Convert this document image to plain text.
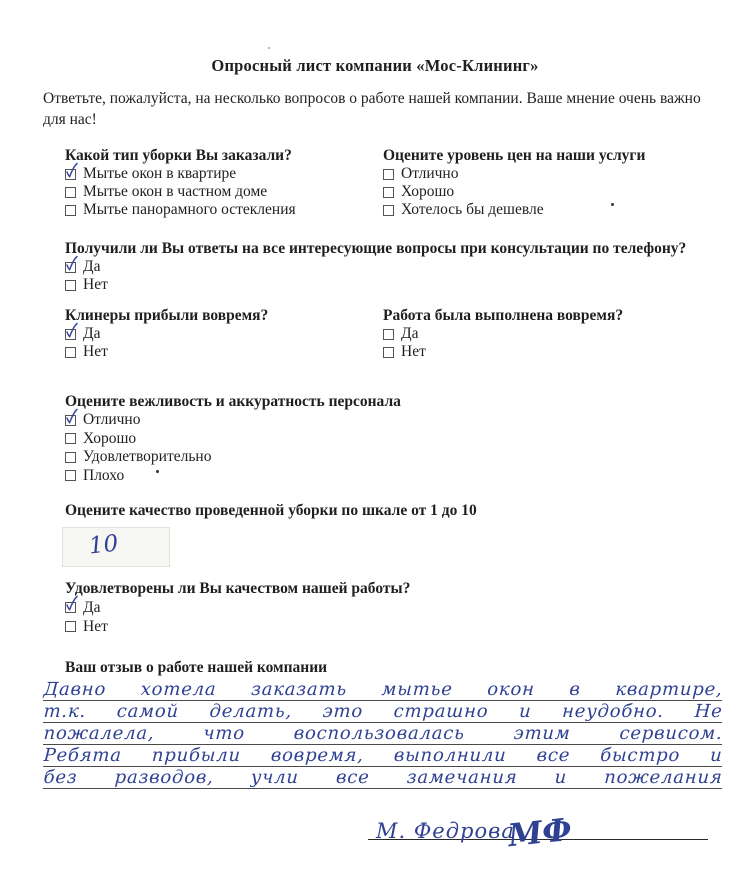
Опросный лист компании «Мос-Клининг»
Ответьте, пожалуйста, на несколько вопросов о работе нашей компании. Ваше мнение очень важно для нас!
Какой тип уборки Вы заказали?
Мытье окон в квартире
Мытье окон в частном доме
Мытье панорамного остекления
Оцените уровень цен на наши услуги
Отлично
Хорошо
Хотелось бы дешевле
Получили ли Вы ответы на все интересующие вопросы при консультации по телефону?
Да
Нет
Клинеры прибыли вовремя?
Да
Нет
Работа была выполнена вовремя?
Да
Нет
Оцените вежливость и аккуратность персонала
Отлично
Хорошо
Удовлетворительно
Плохо
Оцените качество проведенной уборки по шкале от 1 до 10
10
Удовлетворены ли Вы качеством нашей работы?
Да
Нет
Ваш отзыв о работе нашей компании
Давно хотела заказать мытье окон в квартире,
т.к. самой делать, это страшно и неудобно. Не
пожалела, что воспользовалась этим сервисом.
Ребята прибыли вовремя, выполнили все быстро и
без разводов, учли все замечания и пожелания
М. Федрова
МФ
